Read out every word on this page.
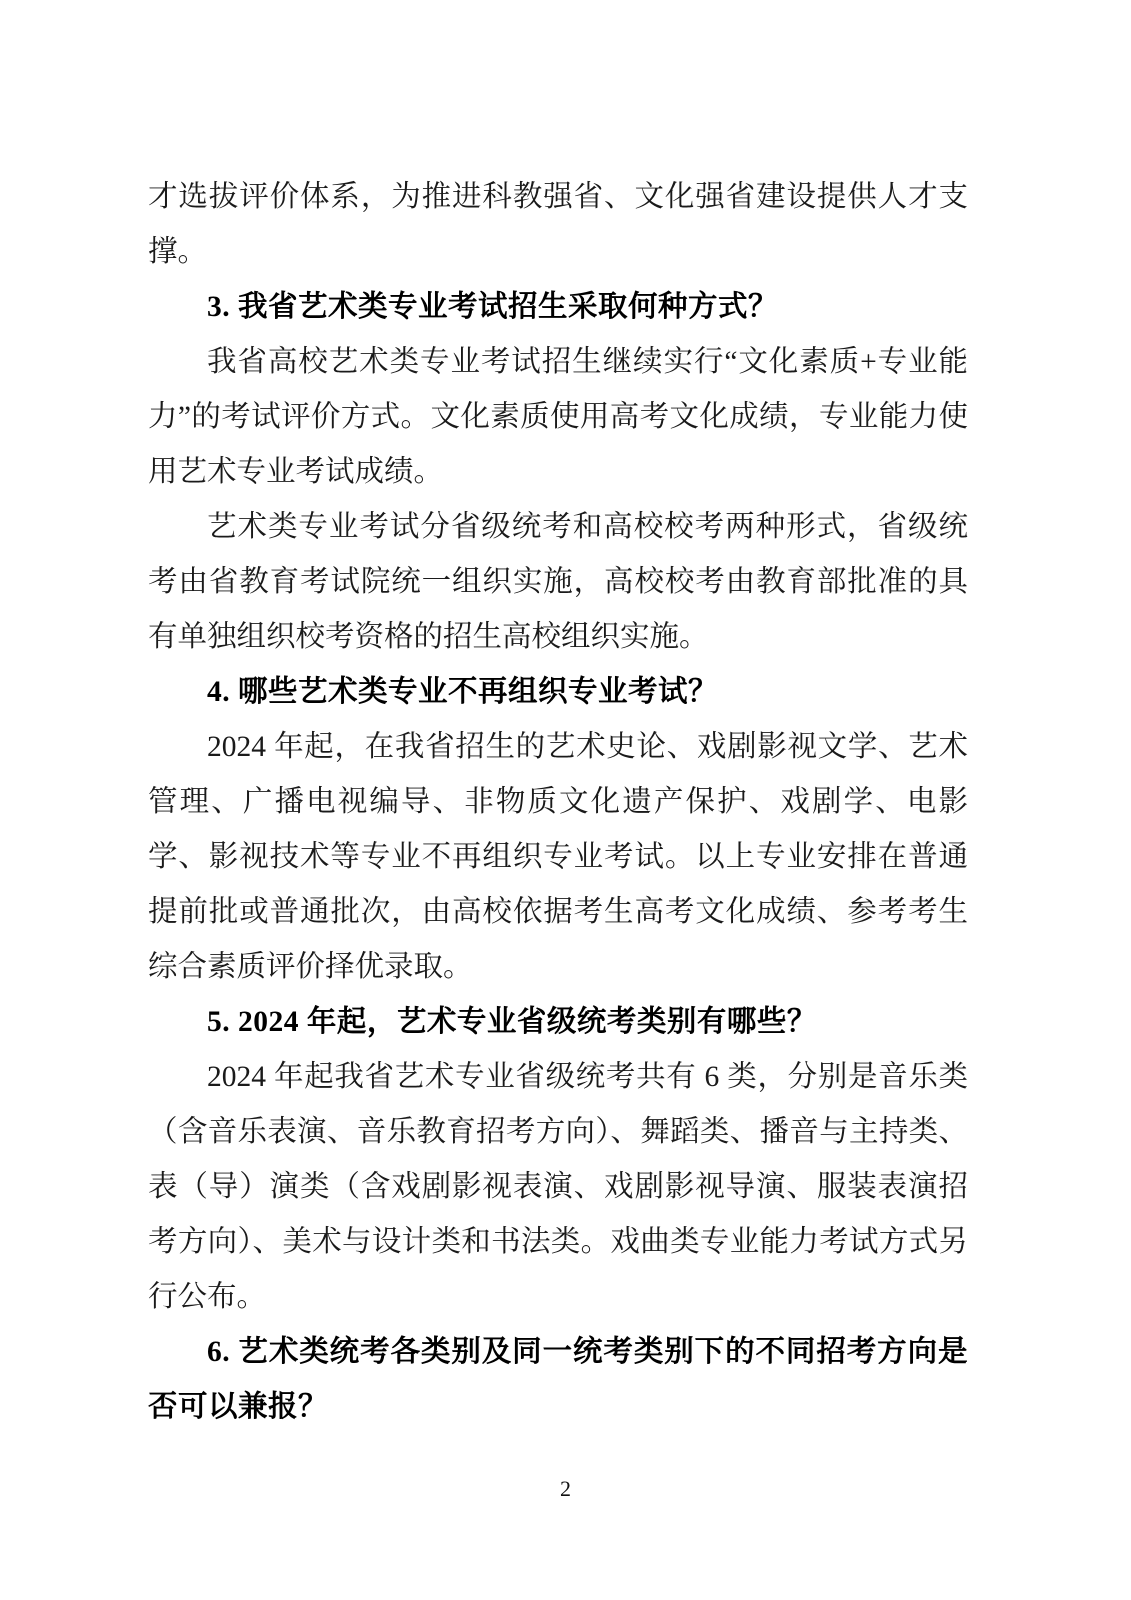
才选拔评价体系，为推进科教强省、文化强省建设提供人才支撑。

3. 我省艺术类专业考试招生采取何种方式？

我省高校艺术类专业考试招生继续实行“文化素质+专业能力”的考试评价方式。文化素质使用高考文化成绩，专业能力使用艺术专业考试成绩。

艺术类专业考试分省级统考和高校校考两种形式，省级统考由省教育考试院统一组织实施，高校校考由教育部批准的具有单独组织校考资格的招生高校组织实施。

4. 哪些艺术类专业不再组织专业考试？

2024 年起，在我省招生的艺术史论、戏剧影视文学、艺术管理、广播电视编导、非物质文化遗产保护、戏剧学、电影学、影视技术等专业不再组织专业考试。以上专业安排在普通提前批或普通批次，由高校依据考生高考文化成绩、参考考生综合素质评价择优录取。

5. 2024 年起，艺术专业省级统考类别有哪些？

2024 年起我省艺术专业省级统考共有 6 类，分别是音乐类（含音乐表演、音乐教育招考方向）、舞蹈类、播音与主持类、表（导）演类（含戏剧影视表演、戏剧影视导演、服装表演招考方向）、美术与设计类和书法类。戏曲类专业能力考试方式另行公布。

6. 艺术类统考各类别及同一统考类别下的不同招考方向是否可以兼报？

2
